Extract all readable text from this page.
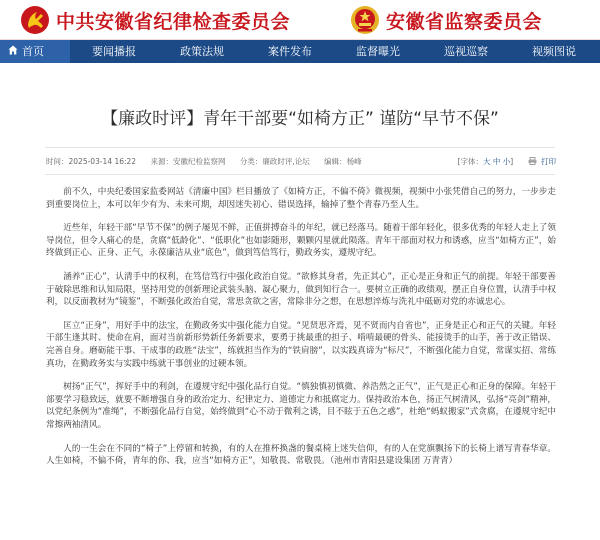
中共安徽省纪律检查委员会	安徽省监察委员会
首页	要闻播报	政策法规	案件发布	监督曝光	巡视巡察	视频图说
【廉政时评】青年干部要“如椅方正” 谨防“早节不保”
时间：2025-03-14 16:22 来源：安徽纪检监察网 分类：廉政时评,论坛 编辑：杨峰	[字体：大 中 小]	打印

前不久，中央纪委国家监委网站《清廉中国》栏目播放了《如椅方正，不偏不倚》微视频，视频中小张凭借自己的努力，一步步走到重要岗位上，本可以年少有为、未来可期，却因迷失初心、错误选择，输掉了整个青春乃至人生。

近些年，年轻干部“早节不保”的例子屡见不鲜，正值拼搏奋斗的年纪，就已经落马。随着干部年轻化，很多优秀的年轻人走上了领导岗位，但令人痛心的是，贪腐“低龄化”、“低职化”也如影随形，颗颗闪星就此陨落。青年干部面对权力和诱惑，应当“如椅方正”，始终做到正心、正身、正气，永葆廉洁从业“底色”，做到笃信笃行，勤政务实，遵规守纪。

涵养“正心”，认清手中的权利，在笃信笃行中强化政治自觉。“欲修其身者，先正其心”，正心是正身和正气的前提。年轻干部要善于破除思维和认知局限，坚持用党的创新理论武装头脑、凝心聚力，做到知行合一。要树立正确的政绩观，摆正自身位置，认清手中权利，以反面教材为“镜鉴”，不断强化政治自觉，常思贪欲之害，常除非分之想，在思想淬炼与洗礼中砥砺对党的赤诚忠心。

匡立“正身”，用好手中的法宝，在勤政务实中强化能力自觉。“见贤思齐焉，见不贤而内自省也”，正身是正心和正气的关键。年轻干部生逢其时、使命在肩，面对当前新形势新任务新要求，要勇于挑最重的担子、啃啃最硬的骨头、能接烫手的山芋，善于改正错误、完善自身。磨砺能干事、干成事的政胜“法宝”，练就担当作为的“铁肩膀”，以实践真谛为“标尺”，不断强化能力自觉，常谋实招、常练真功，在勤政务实与实践中练就干事创业的过硬本领。

树扬“正气”，挥好手中的利剑，在遵规守纪中强化品行自觉。“慎独慎初慎微、养浩然之正气”，正气是正心和正身的保障。年轻干部要学习稳致远，就要不断增强自身的政治定力、纪律定力、道德定力和抵腐定力。保持政治本色，扬正气树清风，弘扬“亮剑”精神，以党纪条例为“准绳”，不断强化品行自觉，始终做到“心不动于微利之诱，目不眩于五色之惑”，杜绝“蚂蚁搬家”式贪腐，在遵规守纪中常擦两袖清风。

人的一生会在不同的“椅子”上停留和转换，有的人在推杯换盏的餐桌椅上迷失信仰，有的人在党旗飘扬下的长椅上谱写青春华章。人生如椅，不偏不倚，青年的你、我，应当“如椅方正”，知敬畏、常敬畏。（池州市青阳县建设集团 万青青）
